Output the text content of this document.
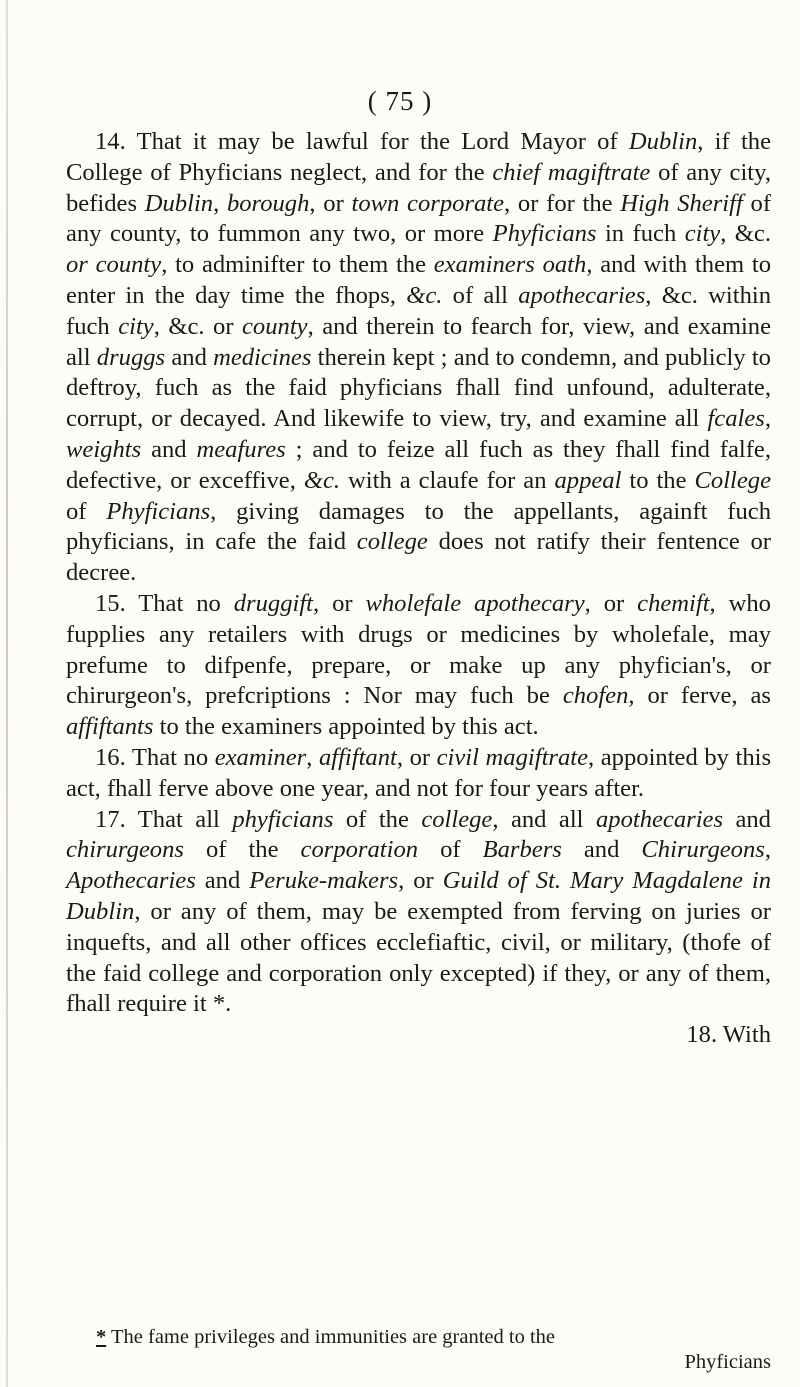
( 75 )

14. That it may be lawful for the Lord Mayor of Dublin, if the College of Phyficians neglect, and for the chief magiftrate of any city, befides Dublin, borough, or town corporate, or for the High Sheriff of any county, to fummon any two, or more Phyficians in fuch city, &c. or county, to adminifter to them the examiners oath, and with them to enter in the day time the fhops, &c. of all apothecaries, &c. within fuch city, &c. or county, and therein to fearch for, view, and examine all druggs and medicines therein kept ; and to condemn, and publicly to deftroy, fuch as the faid phyficians fhall find unfound, adulterate, corrupt, or decayed. And likewife to view, try, and examine all fcales, weights and meafures ; and to feize all fuch as they fhall find falfe, defective, or exceffive, &c. with a claufe for an appeal to the College of Phyficians, giving damages to the appellants, againft fuch phyficians, in cafe the faid college does not ratify their fentence or decree.

15. That no druggift, or wholefale apothecary, or chemift, who fupplies any retailers with drugs or medicines by wholefale, may prefume to difpenfe, prepare, or make up any phyfician's, or chirurgeon's, prefcriptions : Nor may fuch be chofen, or ferve, as affiftants to the examiners appointed by this act.

16. That no examiner, affiftant, or civil magiftrate, appointed by this act, fhall ferve above one year, and not for four years after.

17. That all phyficians of the college, and all apothecaries and chirurgeons of the corporation of Barbers and Chirurgeons, Apothecaries and Peruke-makers, or Guild of St. Mary Magdalene in Dublin, or any of them, may be exempted from ferving on juries or inquefts, and all other offices ecclefiaftic, civil, or military, (thofe of the faid college and corporation only excepted) if they, or any of them, fhall require it *.

18. With

* The fame privileges and immunities are granted to the
Phyficians
